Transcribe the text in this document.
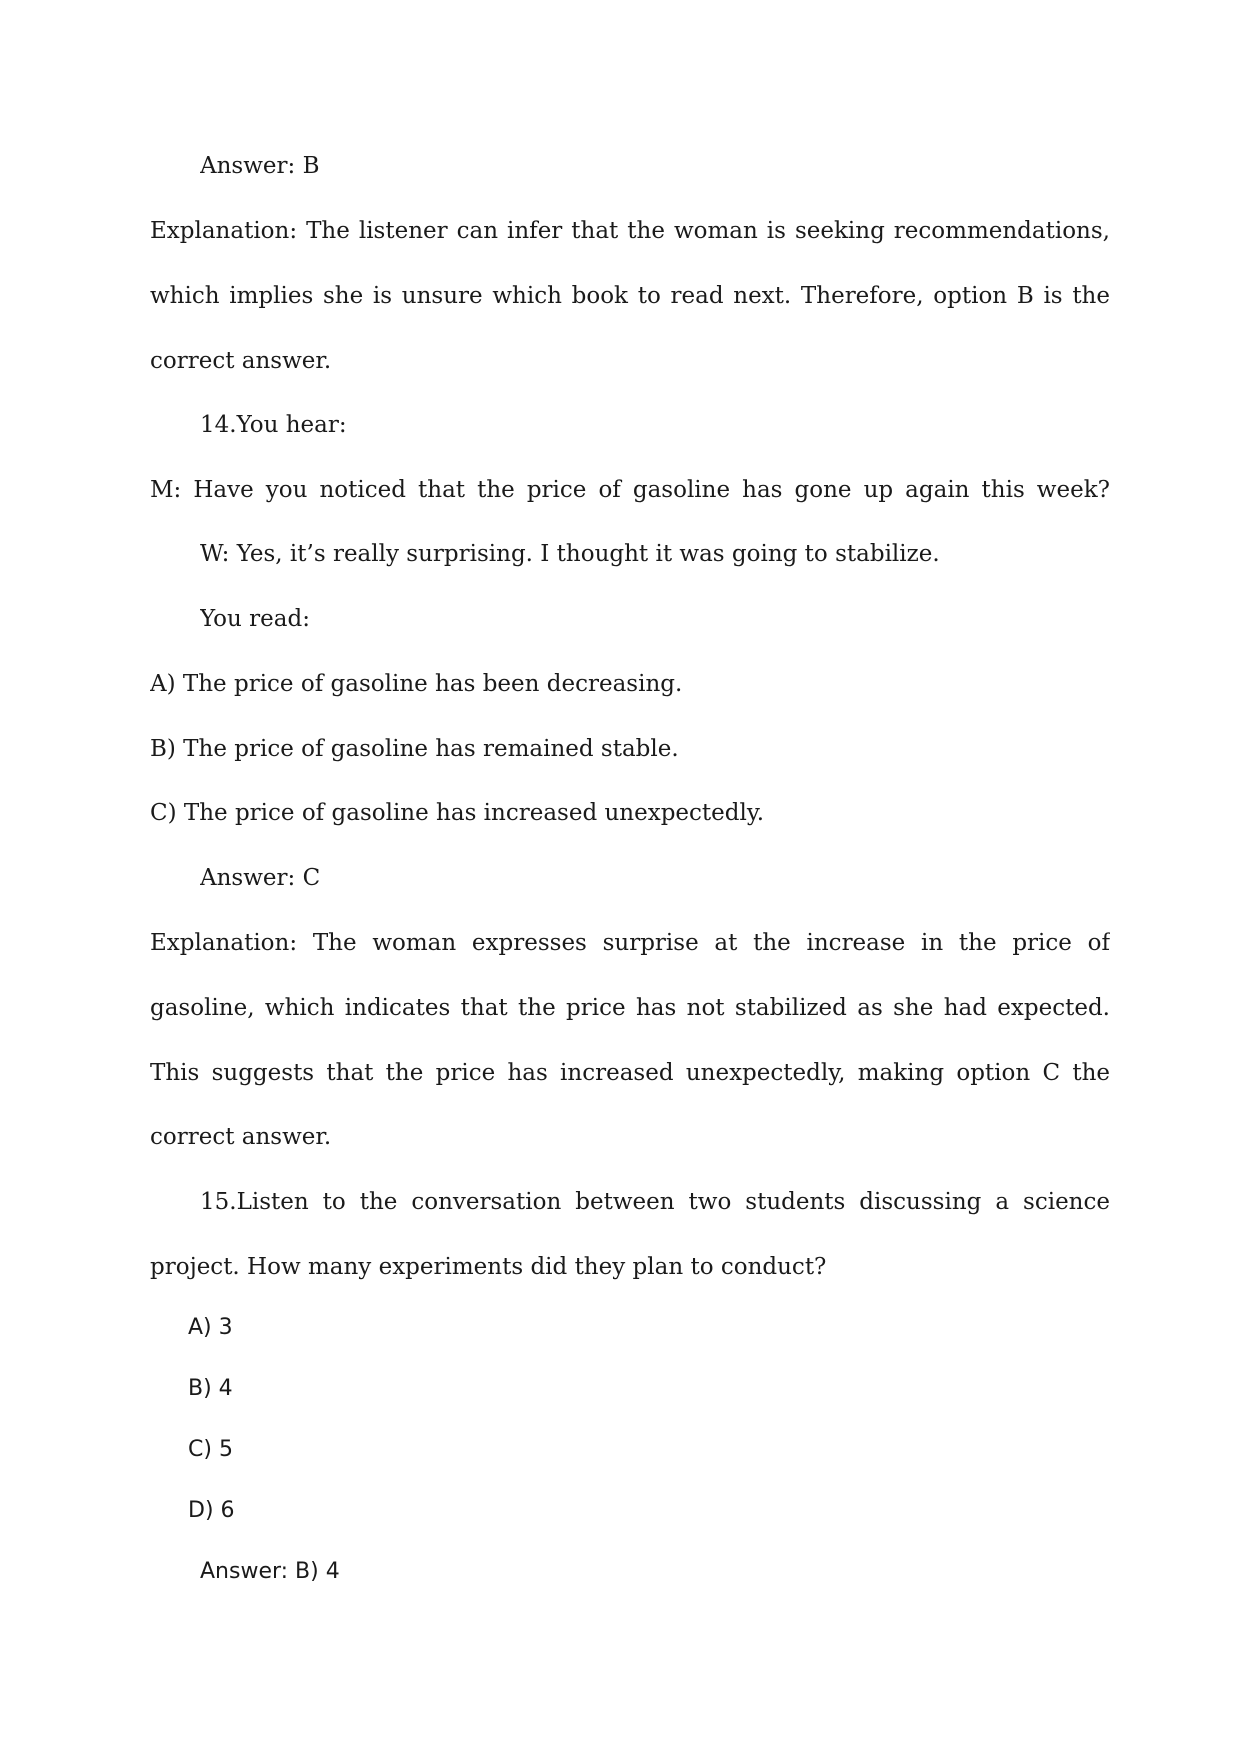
Answer: B
Explanation: The listener can infer that the woman is seeking recommendations,
which implies she is unsure which book to read next. Therefore, option B is the
correct answer.
14.You hear:
M: Have you noticed that the price of gasoline has gone up again this week?
W: Yes, it’s really surprising. I thought it was going to stabilize.
You read:
A) The price of gasoline has been decreasing.
B) The price of gasoline has remained stable.
C) The price of gasoline has increased unexpectedly.
Answer: C
Explanation: The woman expresses surprise at the increase in the price of
gasoline, which indicates that the price has not stabilized as she had expected.
This suggests that the price has increased unexpectedly, making option C the
correct answer.
15.Listen to the conversation between two students discussing a science
project. How many experiments did they plan to conduct?
A) 3
B) 4
C) 5
D) 6
Answer: B) 4
